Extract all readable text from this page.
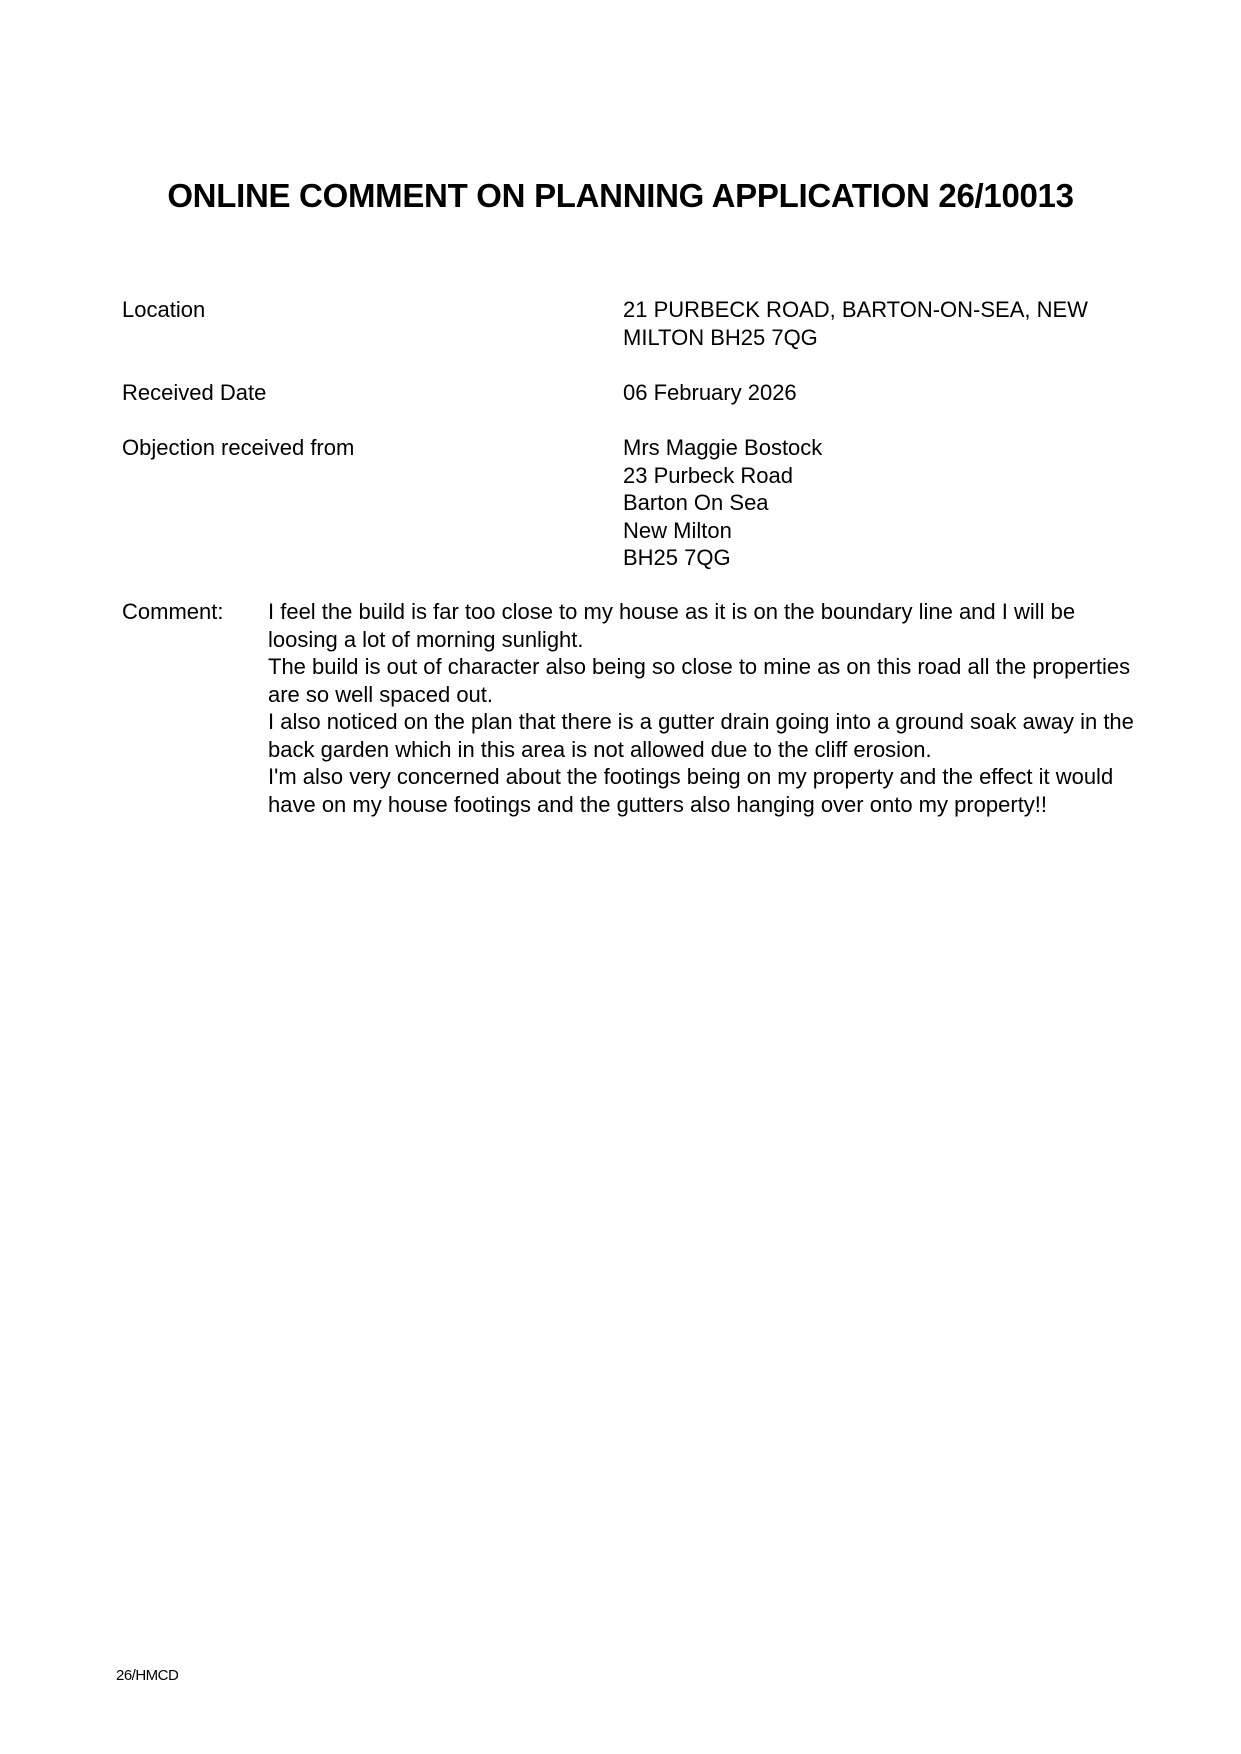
ONLINE COMMENT ON PLANNING APPLICATION 26/10013
Location	21 PURBECK ROAD, BARTON-ON-SEA, NEW
MILTON BH25 7QG
Received Date	06 February 2026
Objection received from	Mrs Maggie Bostock
23 Purbeck Road
Barton On Sea
New Milton
BH25 7QG
Comment: I feel the build is far too close to my house as it is on the boundary line and I will be loosing a lot of morning sunlight.

The build is out of character also being so close to mine as on this road all the properties are so well spaced out.

I also noticed on the plan that there is a gutter drain going into a ground soak away in the back garden which in this area is not allowed due to the cliff erosion.

I'm also very concerned about the footings being on my property and the effect it would have on my house footings and the gutters also hanging over onto my property!!

26/HMCD
